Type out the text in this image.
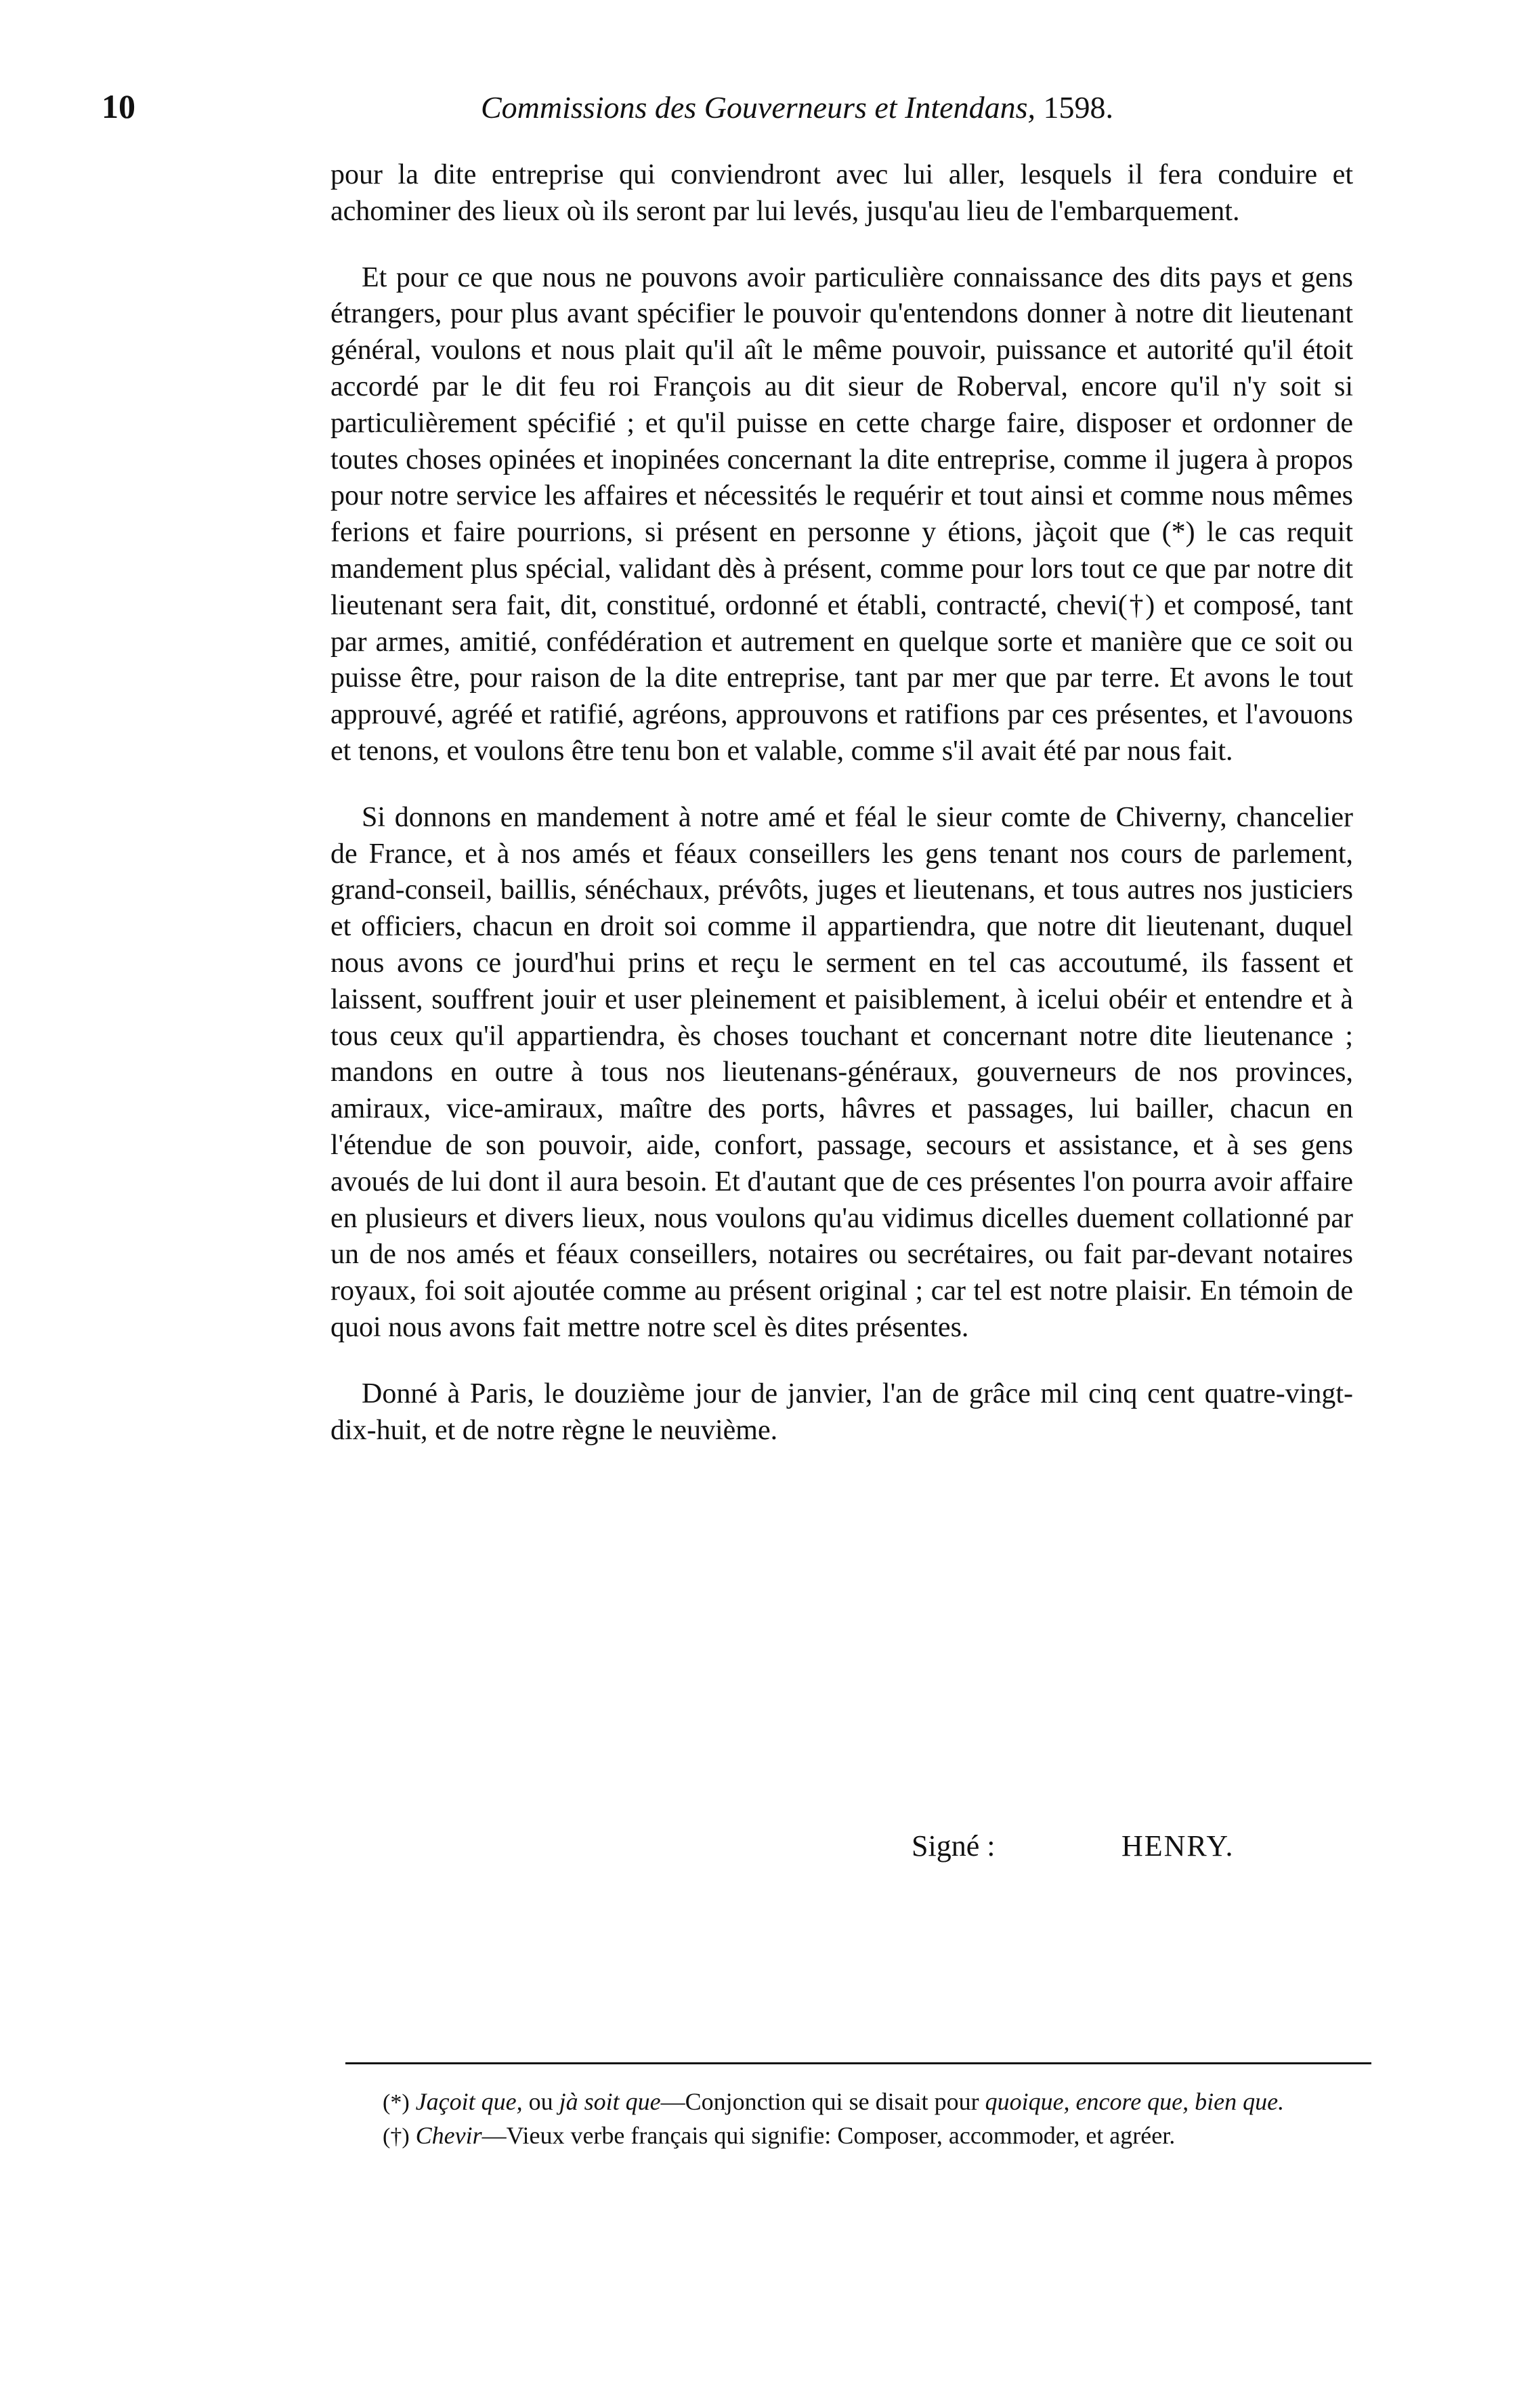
10	Commissions des Gouverneurs et Intendans, 1598.

pour la dite entreprise qui conviendront avec lui aller, lesquels il fera conduire et achominer des lieux où ils seront par lui levés, jusqu'au lieu de l'embarquement.

Et pour ce que nous ne pouvons avoir particulière connaissance des dits pays et gens étrangers, pour plus avant spécifier le pouvoir qu'entendons donner à notre dit lieutenant général, voulons et nous plait qu'il aît le même pouvoir, puissance et autorité qu'il étoit accordé par le dit feu roi François au dit sieur de Roberval, encore qu'il n'y soit si particulièrement spécifié ; et qu'il puisse en cette charge faire, disposer et ordonner de toutes choses opinées et inopinées concernant la dite entreprise, comme il jugera à propos pour notre service les affaires et nécessités le requérir et tout ainsi et comme nous mêmes ferions et faire pourrions, si présent en personne y étions, jàçoit que (*) le cas requit mandement plus spécial, validant dès à présent, comme pour lors tout ce que par notre dit lieutenant sera fait, dit, constitué, ordonné et établi, contracté, chevi(†) et composé, tant par armes, amitié, confédération et autrement en quelque sorte et manière que ce soit ou puisse être, pour raison de la dite entreprise, tant par mer que par terre. Et avons le tout approuvé, agréé et ratifié, agréons, approuvons et ratifions par ces présentes, et l'avouons et tenons, et voulons être tenu bon et valable, comme s'il avait été par nous fait.

Si donnons en mandement à notre amé et féal le sieur comte de Chiverny, chancelier de France, et à nos amés et féaux conseillers les gens tenant nos cours de parlement, grand-conseil, baillis, sénéchaux, prévôts, juges et lieutenans, et tous autres nos justiciers et officiers, chacun en droit soi comme il appartiendra, que notre dit lieutenant, duquel nous avons ce jourd'hui prins et reçu le serment en tel cas accoutumé, ils fassent et laissent, souffrent jouir et user pleinement et paisiblement, à icelui obéir et entendre et à tous ceux qu'il appartiendra, ès choses touchant et concernant notre dite lieutenance ; mandons en outre à tous nos lieutenans-généraux, gouverneurs de nos provinces, amiraux, vice-amiraux, maître des ports, hâvres et passages, lui bailler, chacun en l'étendue de son pouvoir, aide, confort, passage, secours et assistance, et à ses gens avoués de lui dont il aura besoin. Et d'autant que de ces présentes l'on pourra avoir affaire en plusieurs et divers lieux, nous voulons qu'au vidimus dicelles duement collationné par un de nos amés et féaux conseillers, notaires ou secrétaires, ou fait par-devant notaires royaux, foi soit ajoutée comme au présent original ; car tel est notre plaisir. En témoin de quoi nous avons fait mettre notre scel ès dites présentes.

Donné à Paris, le douzième jour de janvier, l'an de grâce mil cinq cent quatre-vingt-dix-huit, et de notre règne le neuvième.

Signé :	HENRY.

(*) Jaçoit que, ou jà soit que—Conjonction qui se disait pour quoique, encore que, bien que.

(†) Chevir—Vieux verbe français qui signifie: Composer, accommoder, et agréer.
